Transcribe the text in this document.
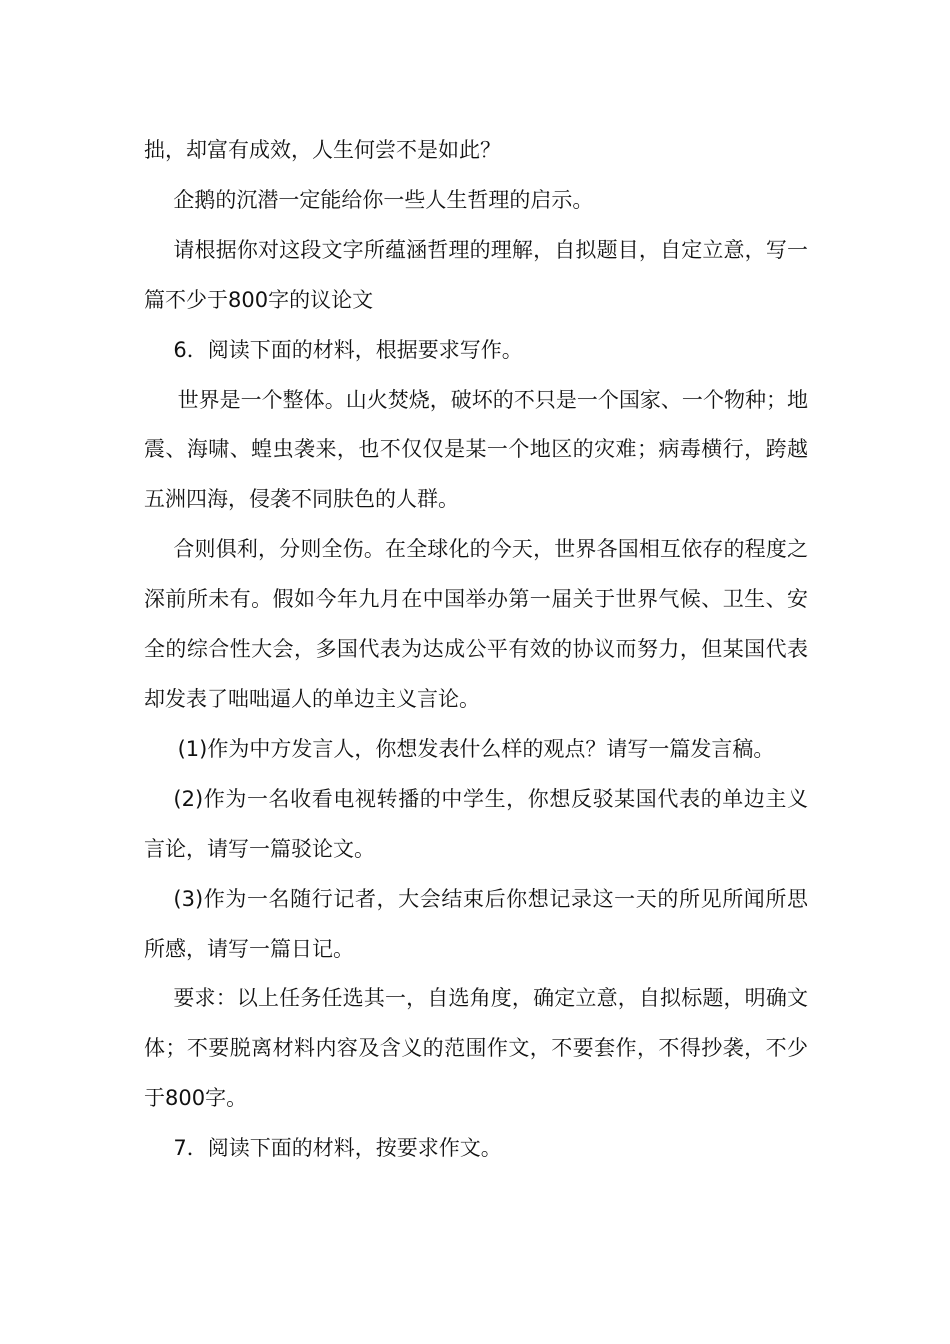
拙，却富有成效，人生何尝不是如此？

企鹅的沉潜一定能给你一些人生哲理的启示。

请根据你对这段文字所蕴涵哲理的理解，自拟题目，自定立意，写一篇不少于800字的议论文

6．阅读下面的材料，根据要求写作。

世界是一个整体。山火焚烧，破坏的不只是一个国家、一个物种；地震、海啸、蝗虫袭来，也不仅仅是某一个地区的灾难；病毒横行，跨越五洲四海，侵袭不同肤色的人群。

合则俱利，分则全伤。在全球化的今天，世界各国相互依存的程度之深前所未有。假如今年九月在中国举办第一届关于世界气候、卫生、安全的综合性大会，多国代表为达成公平有效的协议而努力，但某国代表却发表了咄咄逼人的单边主义言论。

(1)作为中方发言人，你想发表什么样的观点？请写一篇发言稿。

(2)作为一名收看电视转播的中学生，你想反驳某国代表的单边主义言论，请写一篇驳论文。

(3)作为一名随行记者，大会结束后你想记录这一天的所见所闻所思所感，请写一篇日记。

要求：以上任务任选其一，自选角度，确定立意，自拟标题，明确文体；不要脱离材料内容及含义的范围作文，不要套作，不得抄袭，不少于800字。

7．阅读下面的材料，按要求作文。
